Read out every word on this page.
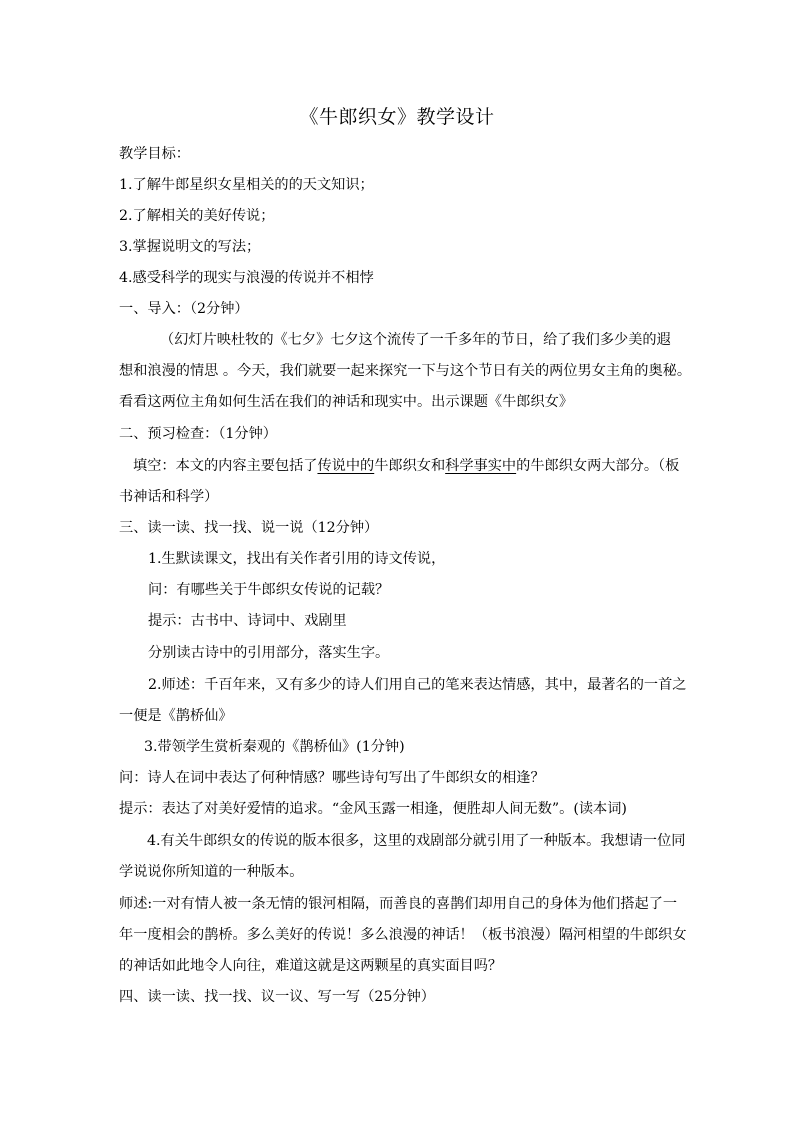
《牛郎织女》教学设计
教学目标：
1.了解牛郎星织女星相关的的天文知识；
2.了解相关的美好传说；
3.掌握说明文的写法；
4.感受科学的现实与浪漫的传说并不相悖
一、导入：（2分钟）
（幻灯片映杜牧的《七夕》七夕这个流传了一千多年的节日，给了我们多少美的遐
想和浪漫的情思 。今天，我们就要一起来探究一下与这个节日有关的两位男女主角的奥秘。
看看这两位主角如何生活在我们的神话和现实中。出示课题《牛郎织女》
二、预习检查：（1分钟）
填空：本文的内容主要包括了传说中的牛郎织女和科学事实中的牛郎织女两大部分。（板
书神话和科学）
三、读一读、找一找、说一说（12分钟）
1.生默读课文，找出有关作者引用的诗文传说，
问：有哪些关于牛郎织女传说的记载？
提示：古书中、诗词中、戏剧里
分别读古诗中的引用部分，落实生字。
2.师述：千百年来，又有多少的诗人们用自己的笔来表达情感，其中，最著名的一首之
一便是《鹊桥仙》
3.带领学生赏析秦观的《鹊桥仙》(1分钟)
问：诗人在词中表达了何种情感？哪些诗句写出了牛郎织女的相逢？
提示：表达了对美好爱情的追求。“金风玉露一相逢，便胜却人间无数”。(读本词)
4.有关牛郎织女的传说的版本很多，这里的戏剧部分就引用了一种版本。我想请一位同
学说说你所知道的一种版本。
师述:一对有情人被一条无情的银河相隔，而善良的喜鹊们却用自己的身体为他们搭起了一
年一度相会的鹊桥。多么美好的传说！多么浪漫的神话！（板书浪漫）隔河相望的牛郎织女
的神话如此地令人向往，难道这就是这两颗星的真实面目吗？
四、读一读、找一找、议一议、写一写（25分钟）
